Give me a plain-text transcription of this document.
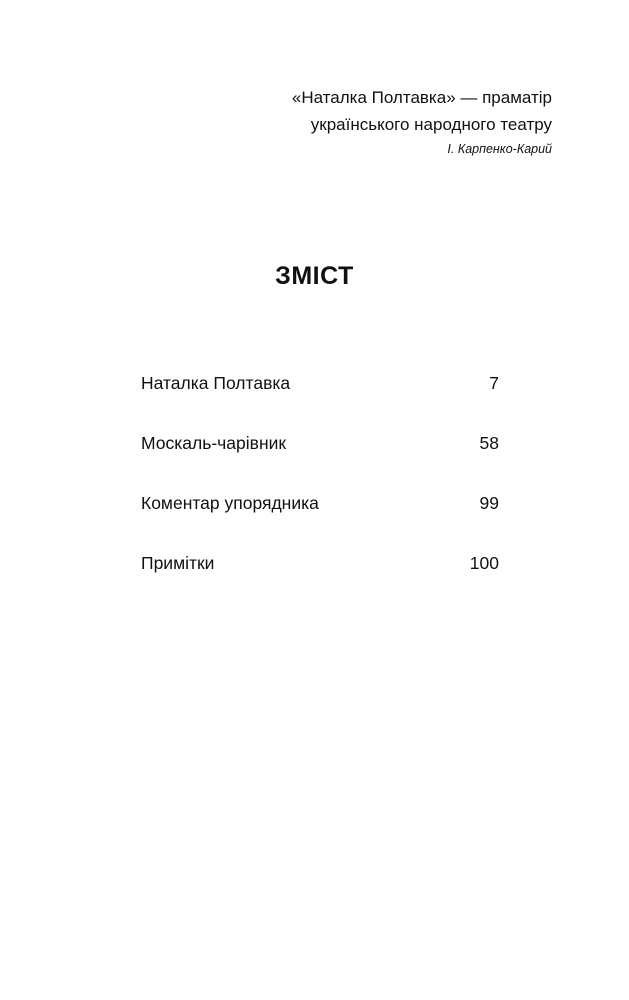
«Наталка Полтавка» — праматір
українського народного театру
І. Карпенко-Карий
ЗМІСТ
Наталка Полтавка	7
Москаль-чарівник	58
Коментар упорядника	99
Примітки	100
